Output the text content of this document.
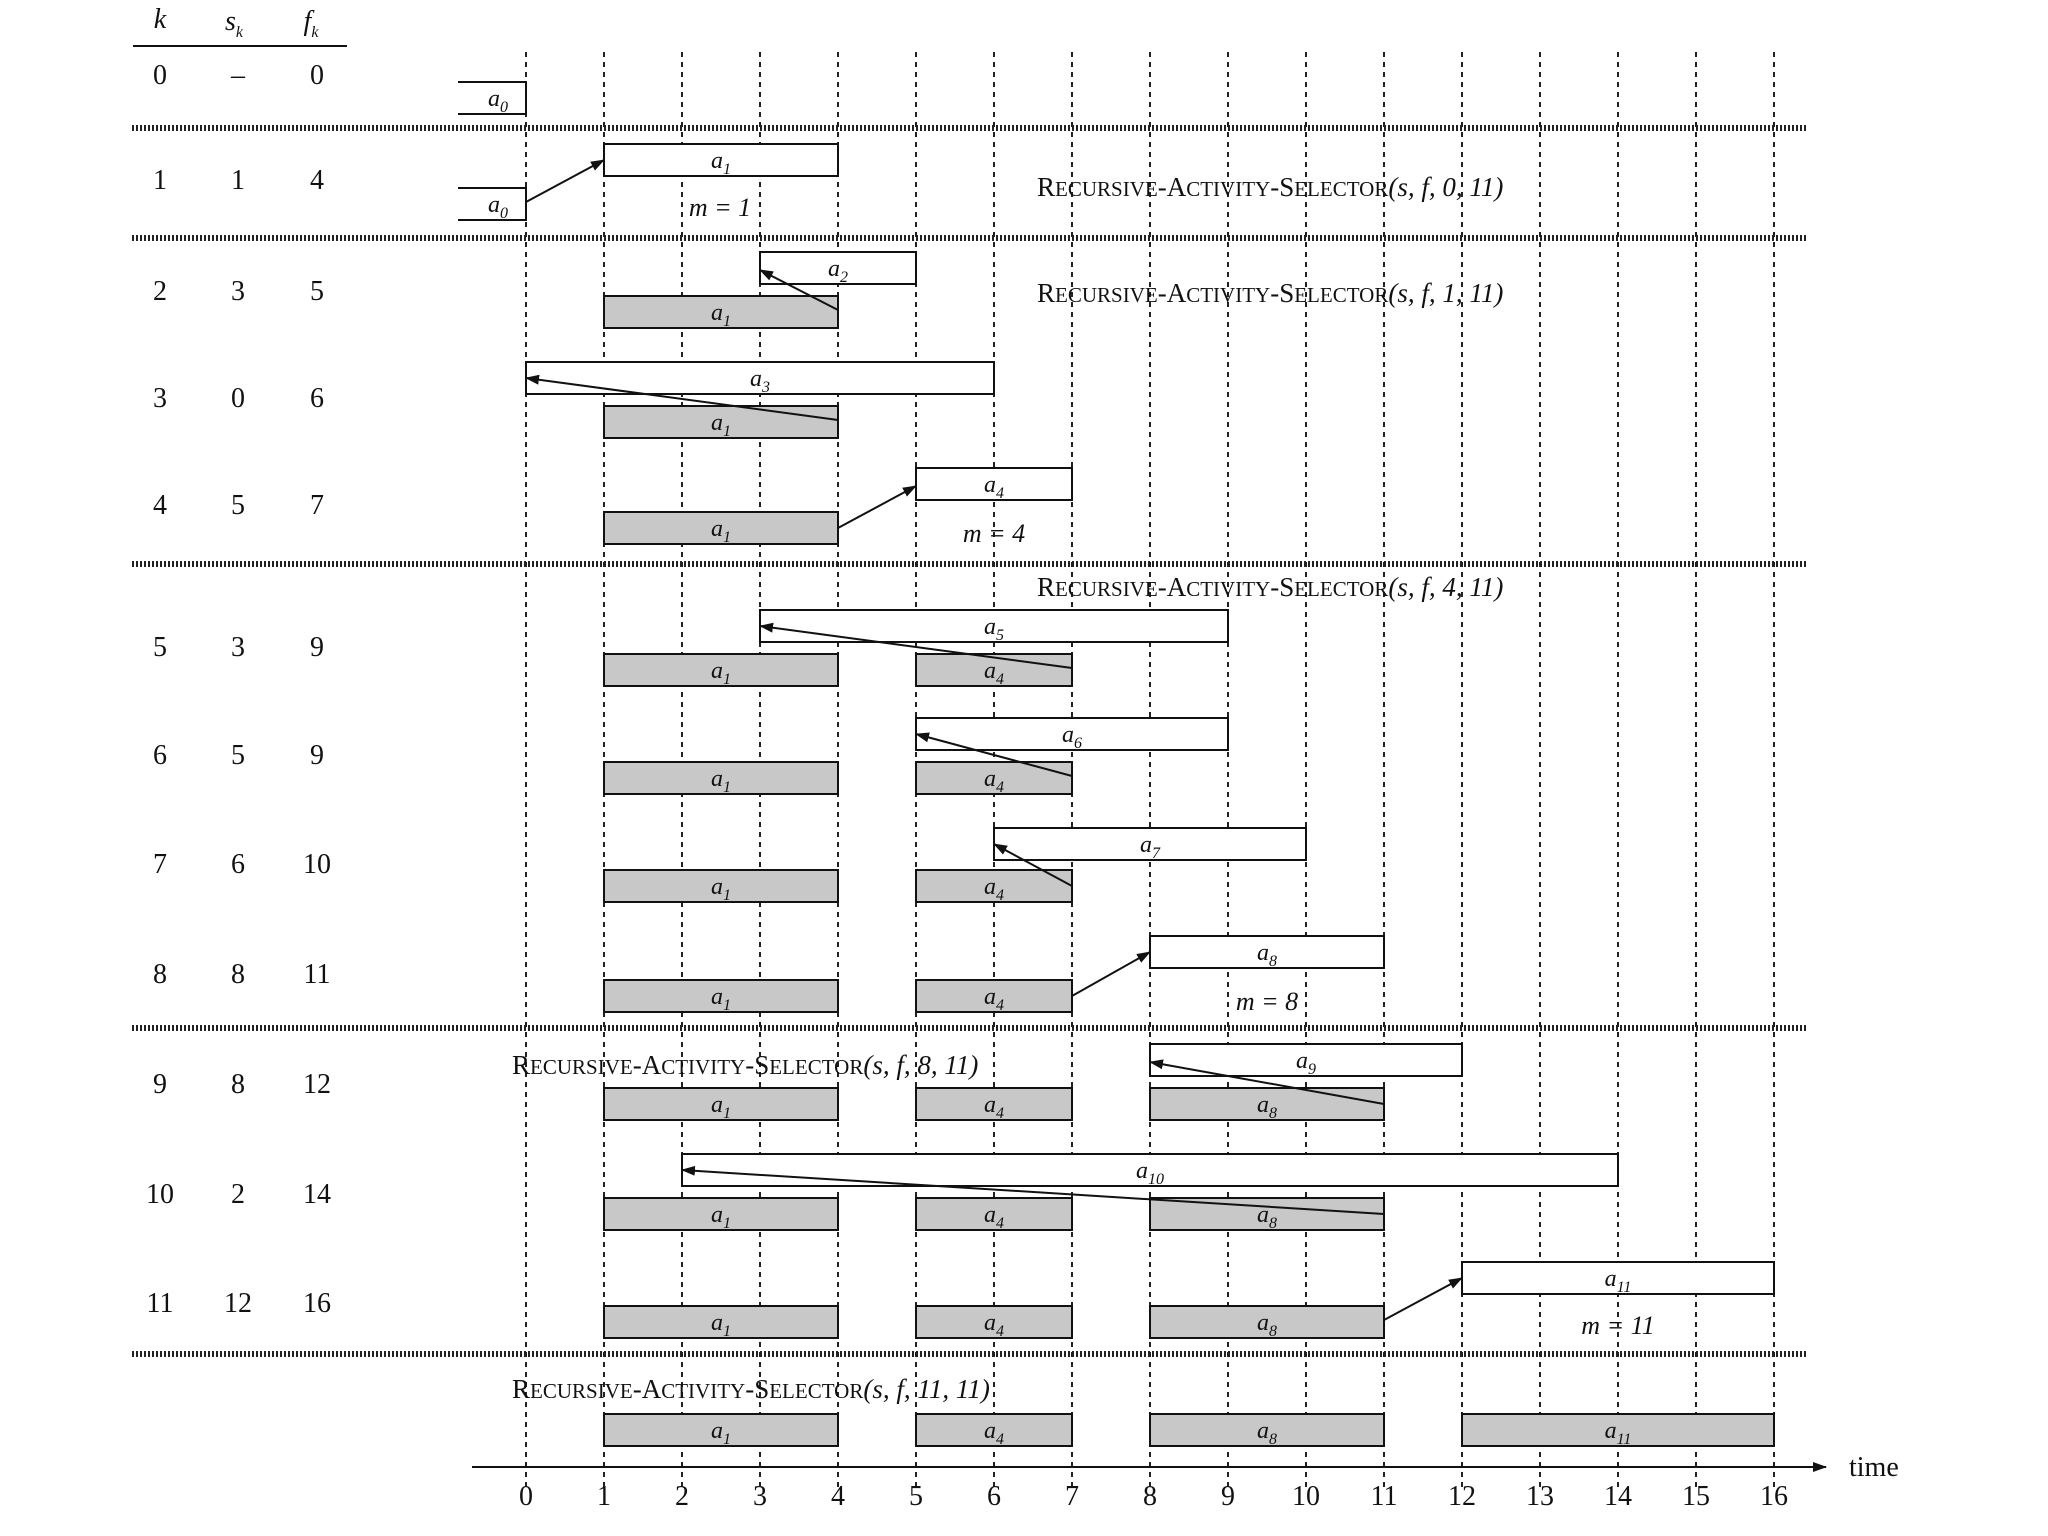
k $s_k$ $f_k$
0 – 0
1 1 4
2 3 5
3 0 6
4 5 7
5 3 9
6 5 9
7 6 10
8 8 11
9 8 12
10 2 14
11 12 16
$a_0$
$a_1$
$a_0$
$a_2$
$a_1$
$a_3$
$a_1$
$a_4$
$a_1$
$a_5$
$a_1$	$a_4$
$a_6$
$a_1$	$a_4$
$a_7$
$a_1$	$a_4$
$a_8$
$a_1$	$a_4$
$a_9$
$a_1$	$a_4$	$a_8$
$a_{10}$
$a_1$	$a_4$	$a_8$
$a_{11}$
$a_1$	$a_4$	$a_8$
$a_1$	$a_4$	$a_8$	$a_{11}$
RECURSIVE-ACTIVITY-SELECTOR(s, f, 0, 11)
RECURSIVE-ACTIVITY-SELECTOR(s, f, 1, 11)
RECURSIVE-ACTIVITY-SELECTOR(s, f, 4, 11)
RECURSIVE-ACTIVITY-SELECTOR(s, f, 8, 11)
RECURSIVE-ACTIVITY-SELECTOR(s, f, 11, 11)
m = 1
m = 4
m = 8
m = 11
time
0 1 2 3 4 5 6 7 8 9 10 11 12 13 14 15 16
